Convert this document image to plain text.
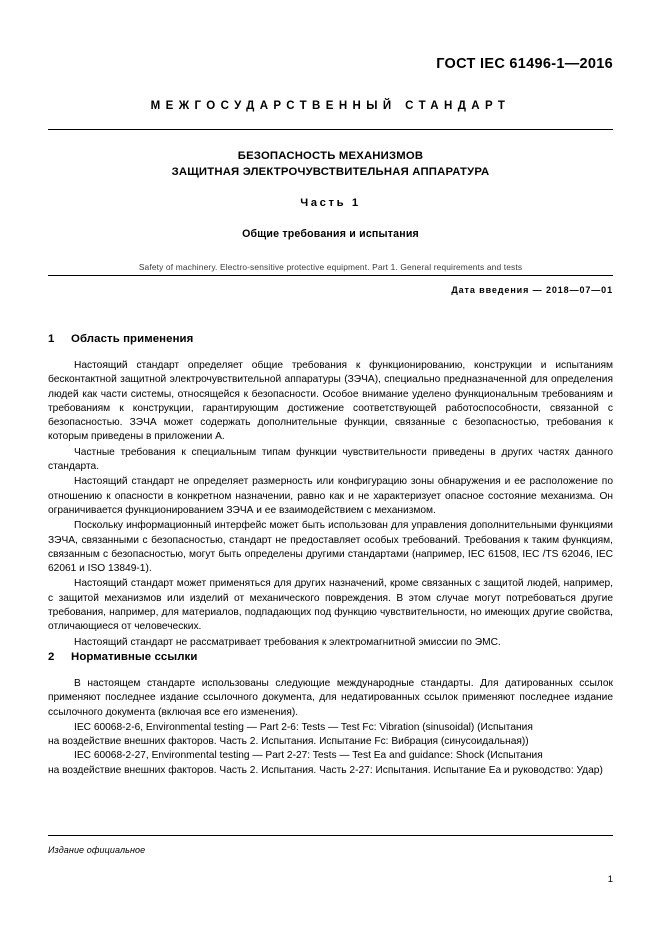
ГОСТ IEC 61496-1—2016
МЕЖГОСУДАРСТВЕННЫЙ СТАНДАРТ
БЕЗОПАСНОСТЬ МЕХАНИЗМОВ
ЗАЩИТНАЯ ЭЛЕКТРОЧУВСТВИТЕЛЬНАЯ АППАРАТУРА
Часть 1
Общие требования и испытания
Safety of machinery. Electro-sensitive protective equipment. Part 1. General requirements and tests
Дата введения — 2018—07—01
1 Область применения

Настоящий стандарт определяет общие требования к функционированию, конструкции и испытаниям бесконтактной защитной электрочувствительной аппаратуры (ЗЭЧА), специально предназначенной для определения людей как части системы, относящейся к безопасности. Особое внимание уделено функциональным требованиям и требованиям к конструкции, гарантирующим достижение соответствующей работоспособности, связанной с безопасностью. ЗЭЧА может содержать дополнительные функции, связанные с безопасностью, требования к которым приведены в приложении А.

Частные требования к специальным типам функции чувствительности приведены в других частях данного стандарта.

Настоящий стандарт не определяет размерность или конфигурацию зоны обнаружения и ее расположение по отношению к опасности в конкретном назначении, равно как и не характеризует опасное состояние механизма. Он ограничивается функционированием ЗЭЧА и ее взаимодействием с механизмом.

Поскольку информационный интерфейс может быть использован для управления дополнительными функциями ЗЭЧА, связанными с безопасностью, стандарт не предоставляет особых требований. Требования к таким функциям, связанным с безопасностью, могут быть определены другими стандартами (например, IEC 61508, IEC /TS 62046, IEC 62061 и ISO 13849-1).

Настоящий стандарт может применяться для других назначений, кроме связанных с защитой людей, например, с защитой механизмов или изделий от механического повреждения. В этом случае могут потребоваться другие требования, например, для материалов, подпадающих под функцию чувствительности, но имеющих другие свойства, отличающиеся от человеческих.

Настоящий стандарт не рассматривает требования к электромагнитной эмиссии по ЭМС.

2 Нормативные ссылки

В настоящем стандарте использованы следующие международные стандарты. Для датированных ссылок применяют последнее издание ссылочного документа, для недатированных ссылок применяют последнее издание ссылочного документа (включая все его изменения).

IEC 60068-2-6, Environmental testing — Part 2-6: Tests — Test Fc: Vibration (sinusoidal) (Испытания

на воздействие внешних факторов. Часть 2. Испытания. Испытание Fc: Вибрация (синусоидальная))

IEC 60068-2-27, Environmental testing — Part 2-27: Tests — Test Ea and guidance: Shock (Испытания

на воздействие внешних факторов. Часть 2. Испытания. Часть 2-27: Испытания. Испытание Ea и руководство: Удар)

Издание официальное
1
